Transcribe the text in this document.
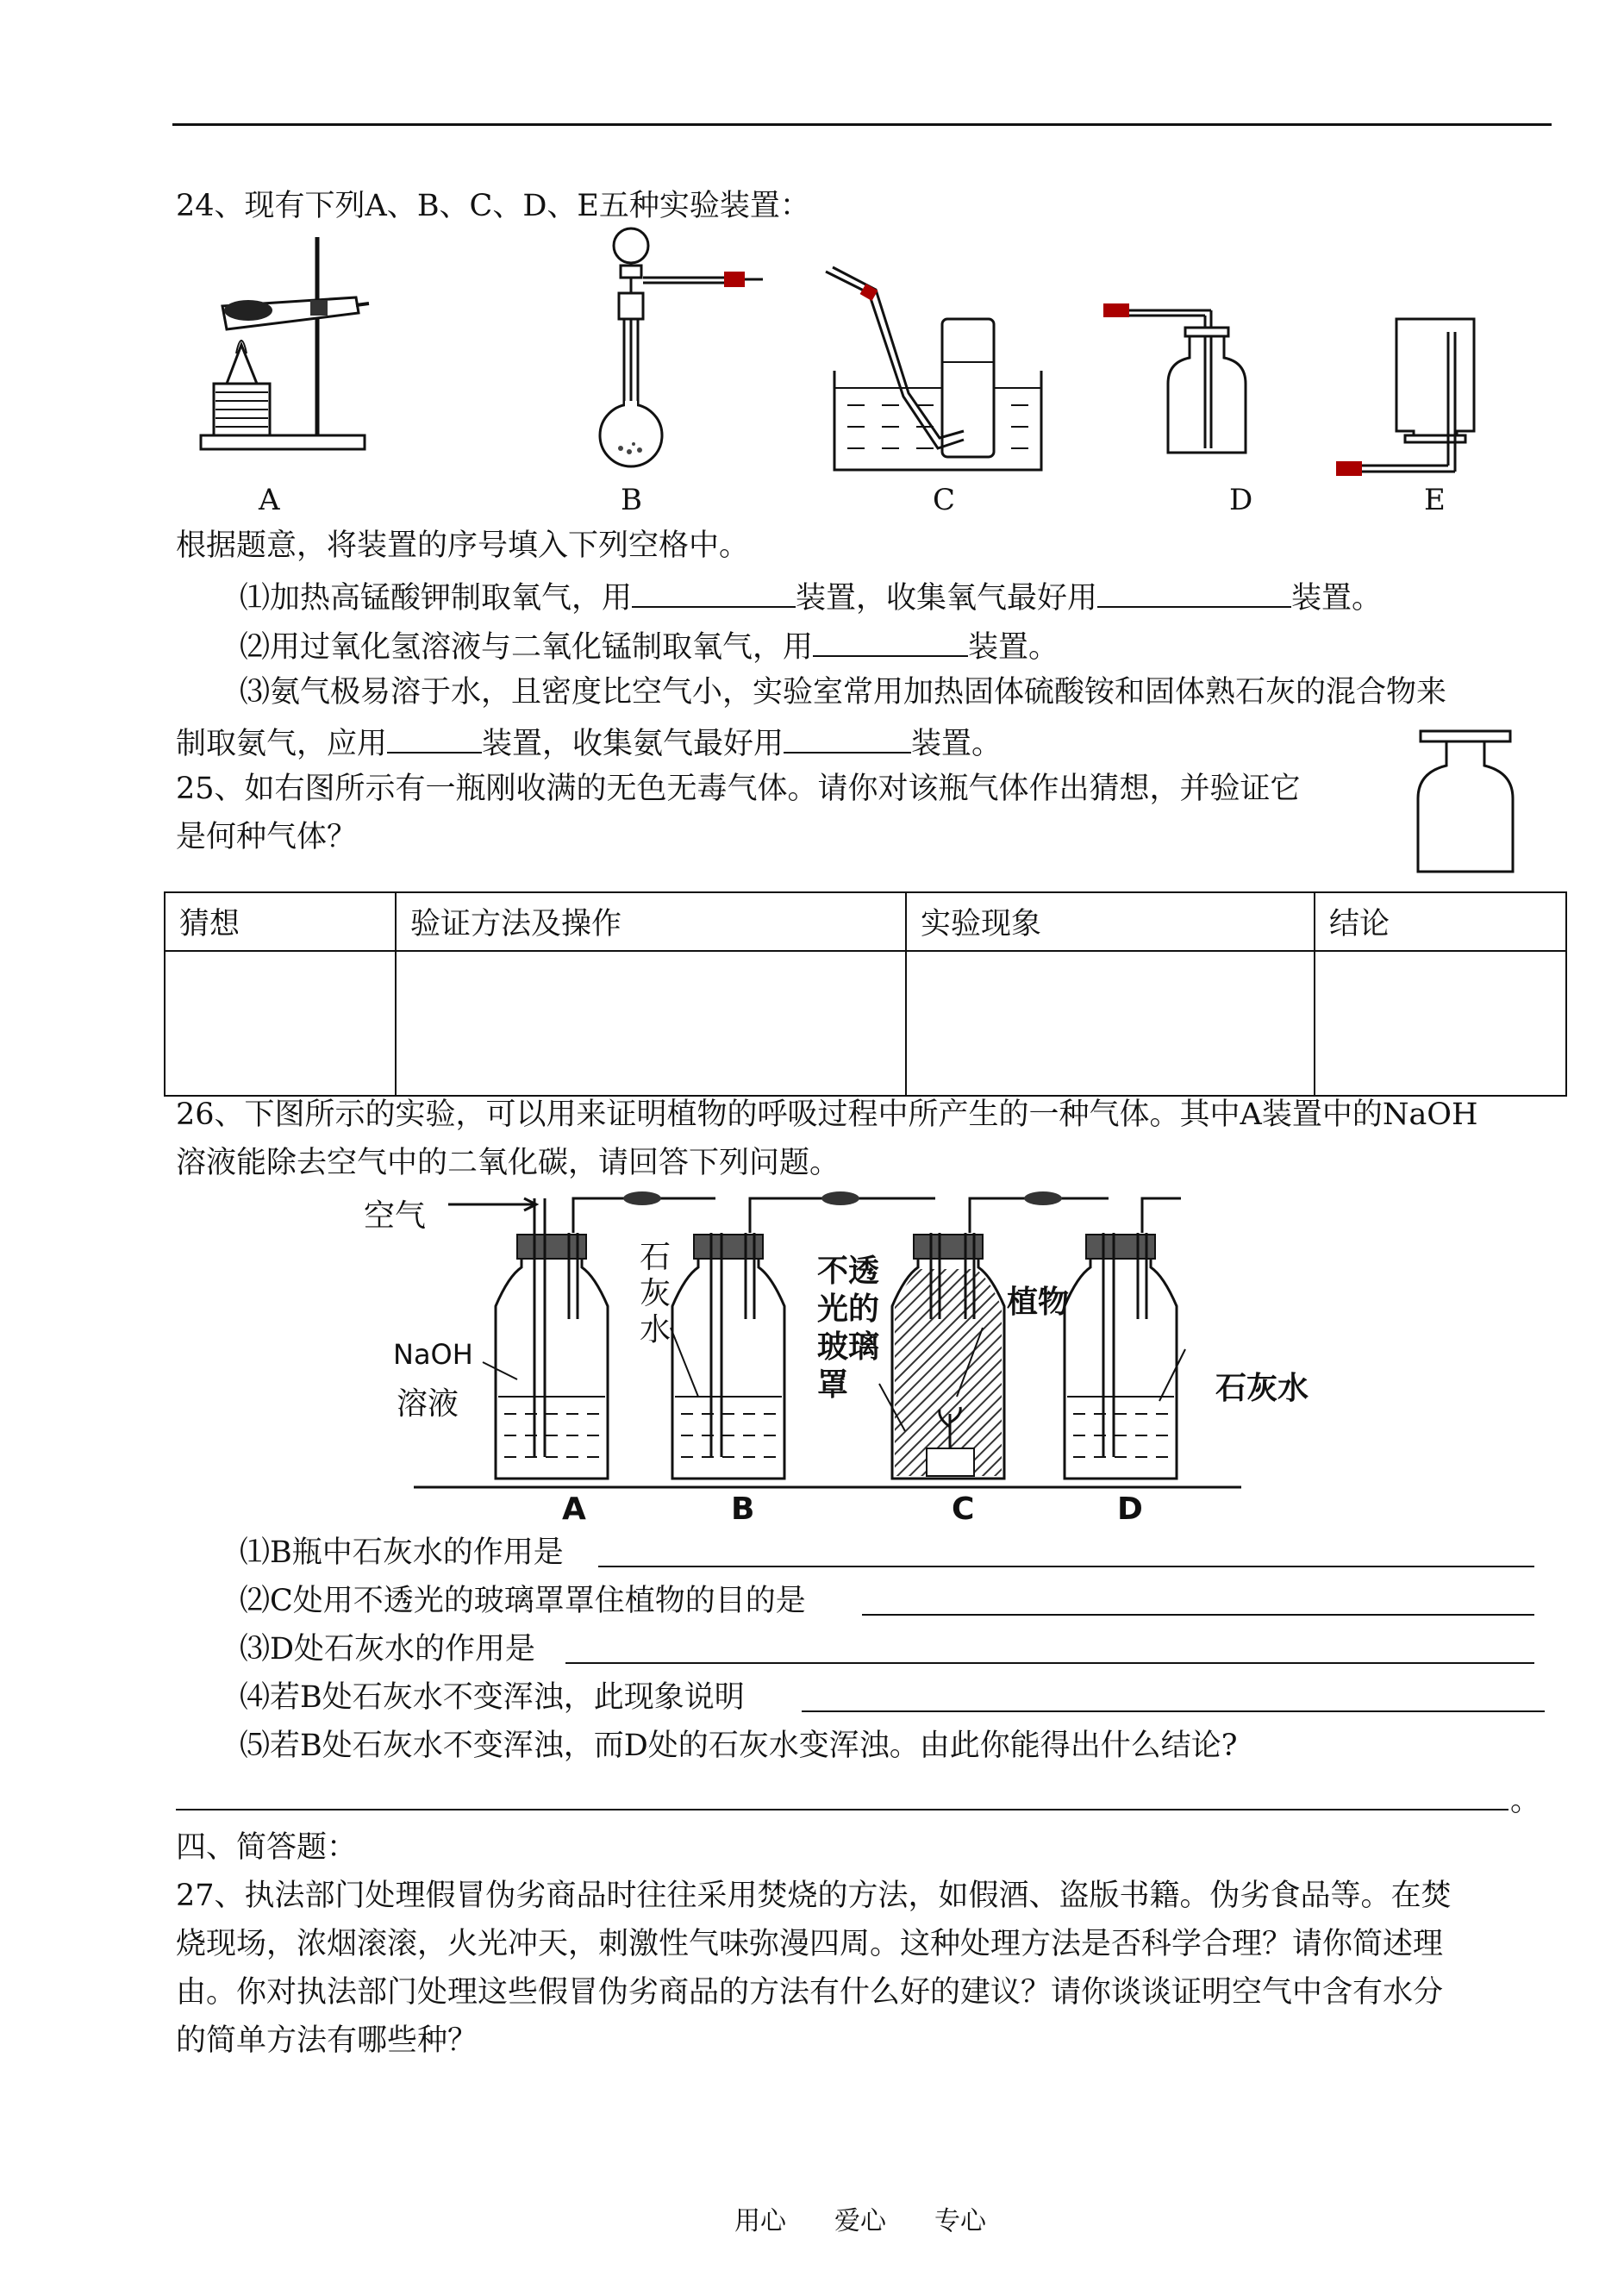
24、现有下列A、B、C、D、E五种实验装置：
A	B	C	D	E
根据题意，将装置的序号填入下列空格中。
⑴加热高锰酸钾制取氧气，用	装置，收集氧气最好用	装置。
⑵用过氧化氢溶液与二氧化锰制取氧气，用	装置。
⑶氨气极易溶于水，且密度比空气小，实验室常用加热固体硫酸铵和固体熟石灰的混合物来
制取氨气，应用	装置，收集氨气最好用	装置。
25、如右图所示有一瓶刚收满的无色无毒气体。请你对该瓶气体作出猜想，并验证它
是何种气体？
猜想	验证方法及操作	实验现象	结论

26、下图所示的实验，可以用来证明植物的呼吸过程中所产生的一种气体。其中A装置中的NaOH
溶液能除去空气中的二氧化碳，请回答下列问题。
空气
NaOH
溶液
石
灰
水
不透
光的
玻璃
罩
植物
石灰水
A	B	C	D
⑴B瓶中石灰水的作用是
⑵C处用不透光的玻璃罩罩住植物的目的是
⑶D处石灰水的作用是
⑷若B处石灰水不变浑浊，此现象说明
⑸若B处石灰水不变浑浊，而D处的石灰水变浑浊。由此你能得出什么结论?
。
四、简答题：
27、执法部门处理假冒伪劣商品时往往采用焚烧的方法，如假酒、盗版书籍。伪劣食品等。在焚
烧现场，浓烟滚滚，火光冲天，刺激性气味弥漫四周。这种处理方法是否科学合理？请你简述理
由。你对执法部门处理这些假冒伪劣商品的方法有什么好的建议？请你谈谈证明空气中含有水分
的简单方法有哪些种？
用心 爱心 专心
